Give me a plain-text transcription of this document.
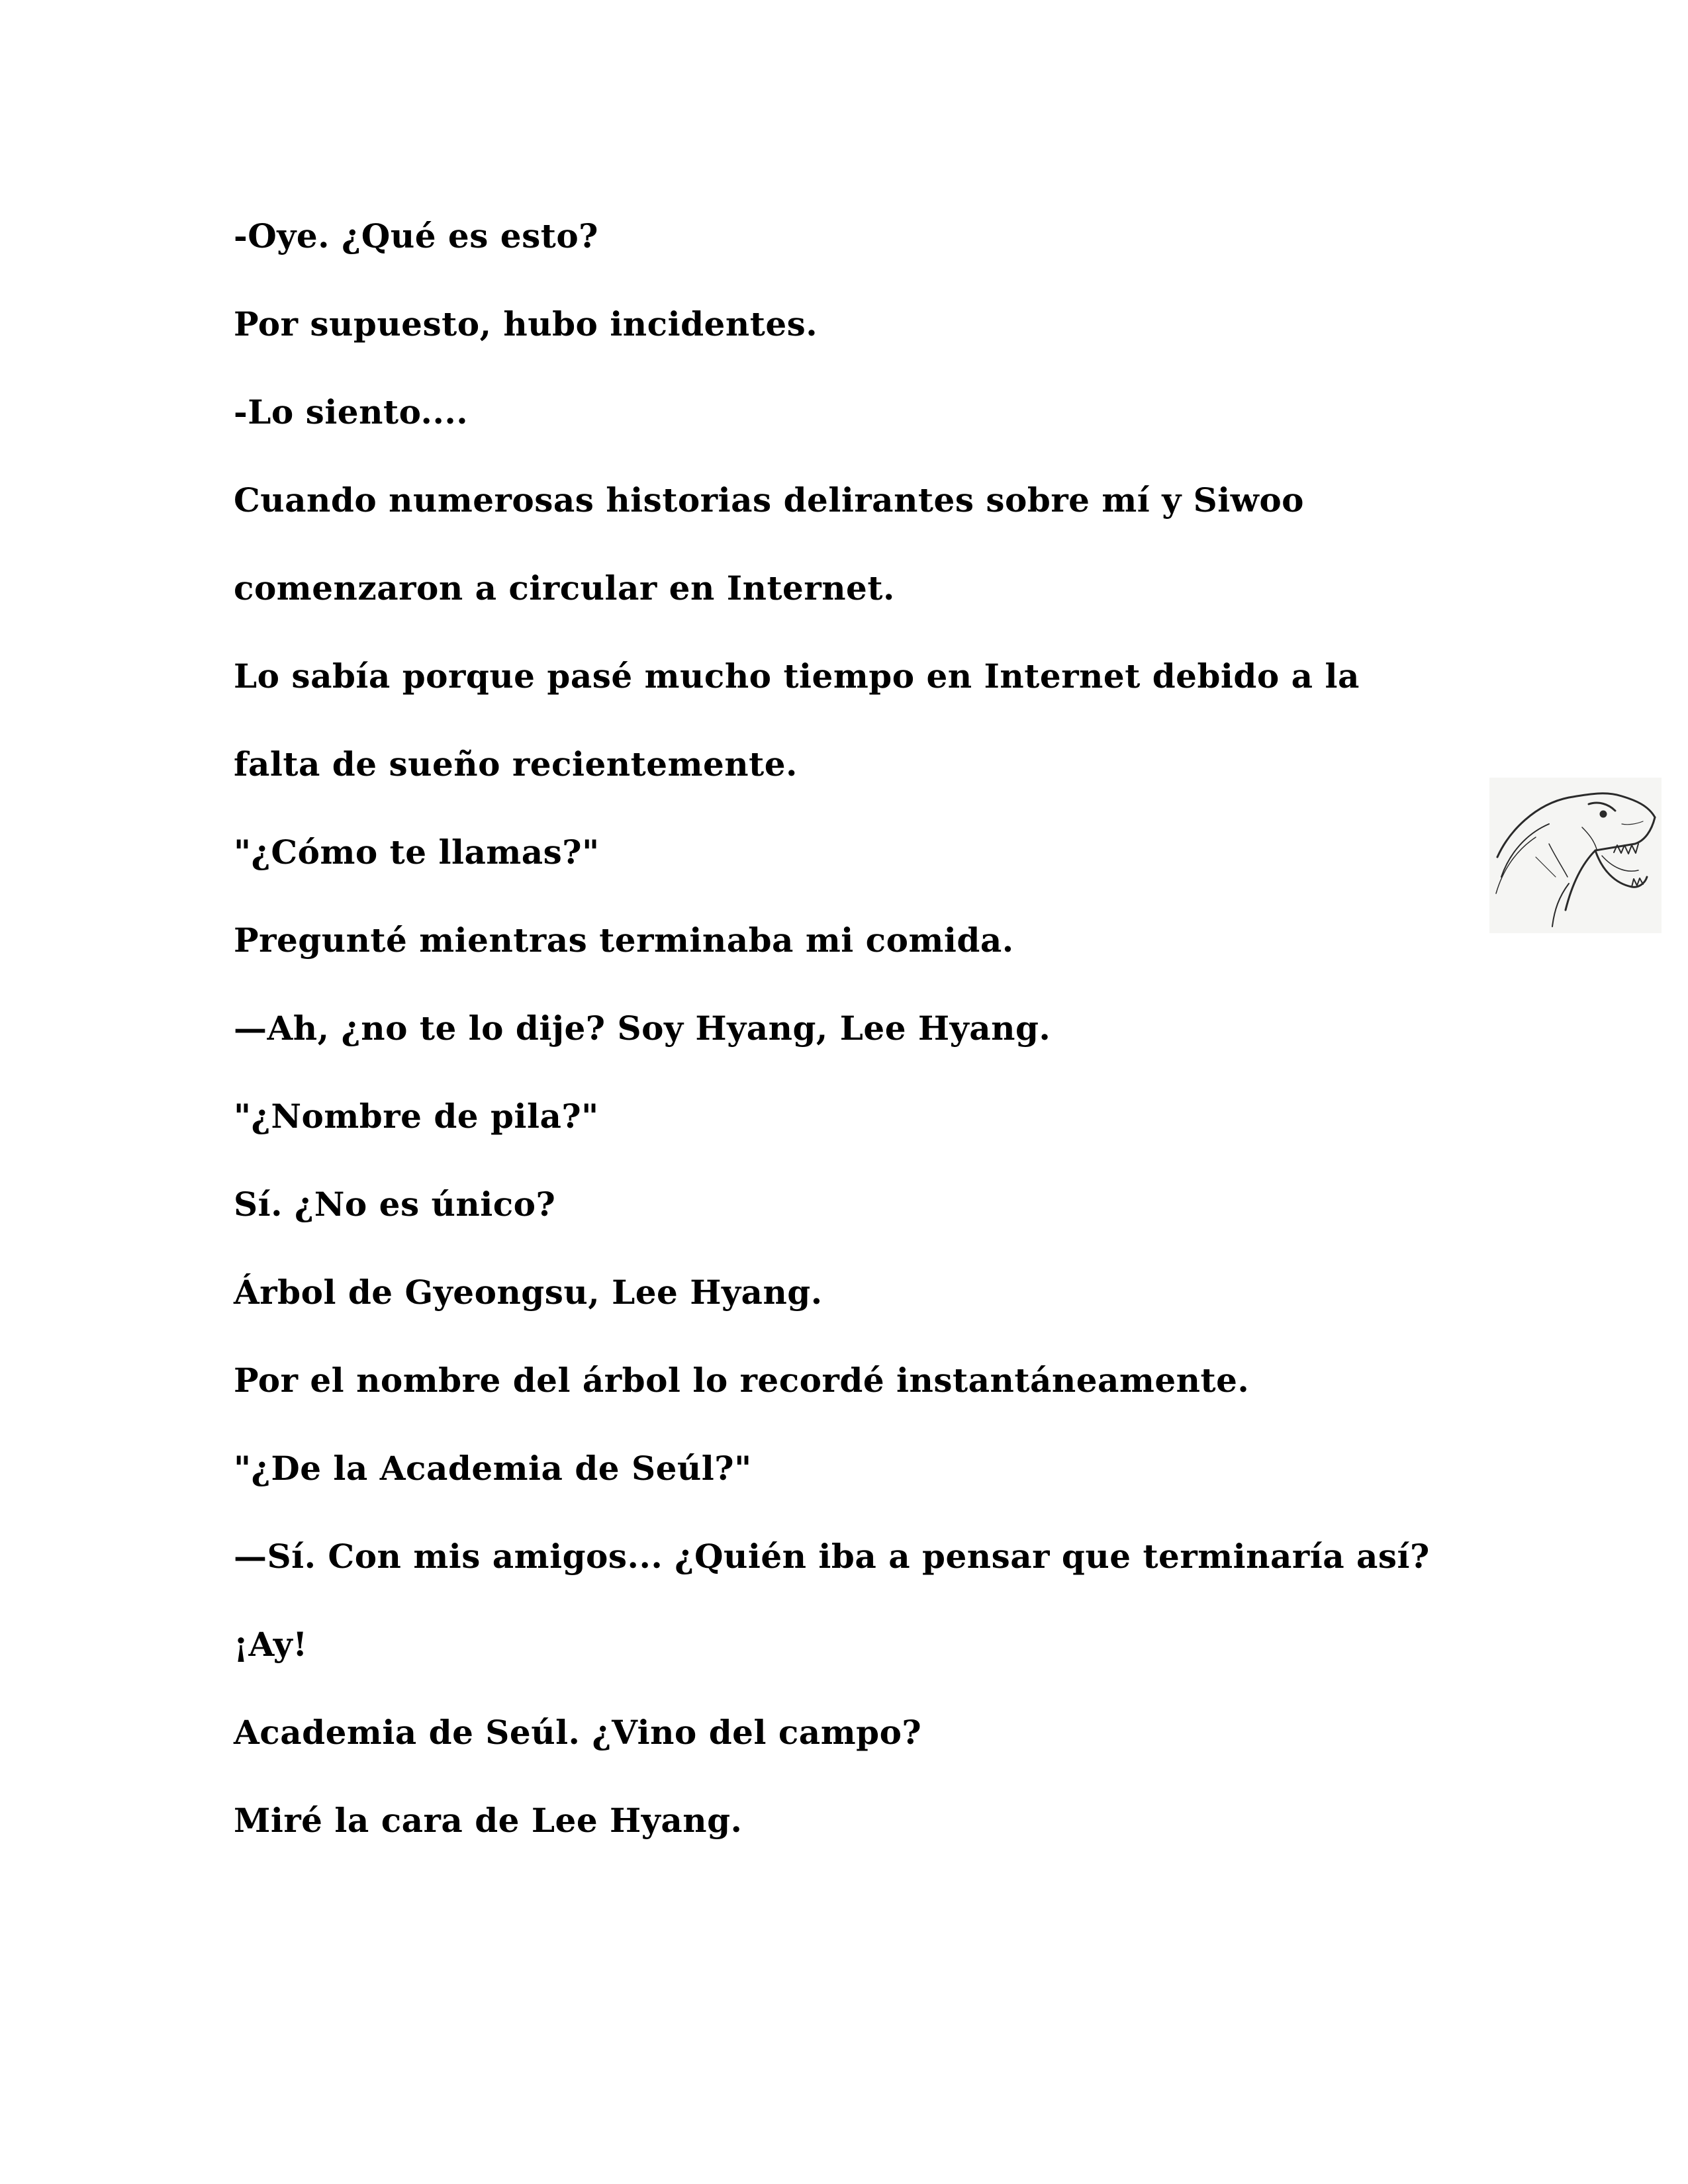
-Oye. ¿Qué es esto?
Por supuesto, hubo incidentes.
-Lo siento....
Cuando numerosas historias delirantes sobre mí y Siwoo
comenzaron a circular en Internet.
Lo sabía porque pasé mucho tiempo en Internet debido a la
falta de sueño recientemente.
"¿Cómo te llamas?"
Pregunté mientras terminaba mi comida.
—Ah, ¿no te lo dije? Soy Hyang, Lee Hyang.
"¿Nombre de pila?"
Sí. ¿No es único?
Árbol de Gyeongsu, Lee Hyang.
Por el nombre del árbol lo recordé instantáneamente.
"¿De la Academia de Seúl?"
—Sí. Con mis amigos... ¿Quién iba a pensar que terminaría así?
¡Ay!
Academia de Seúl. ¿Vino del campo?
Miré la cara de Lee Hyang.
